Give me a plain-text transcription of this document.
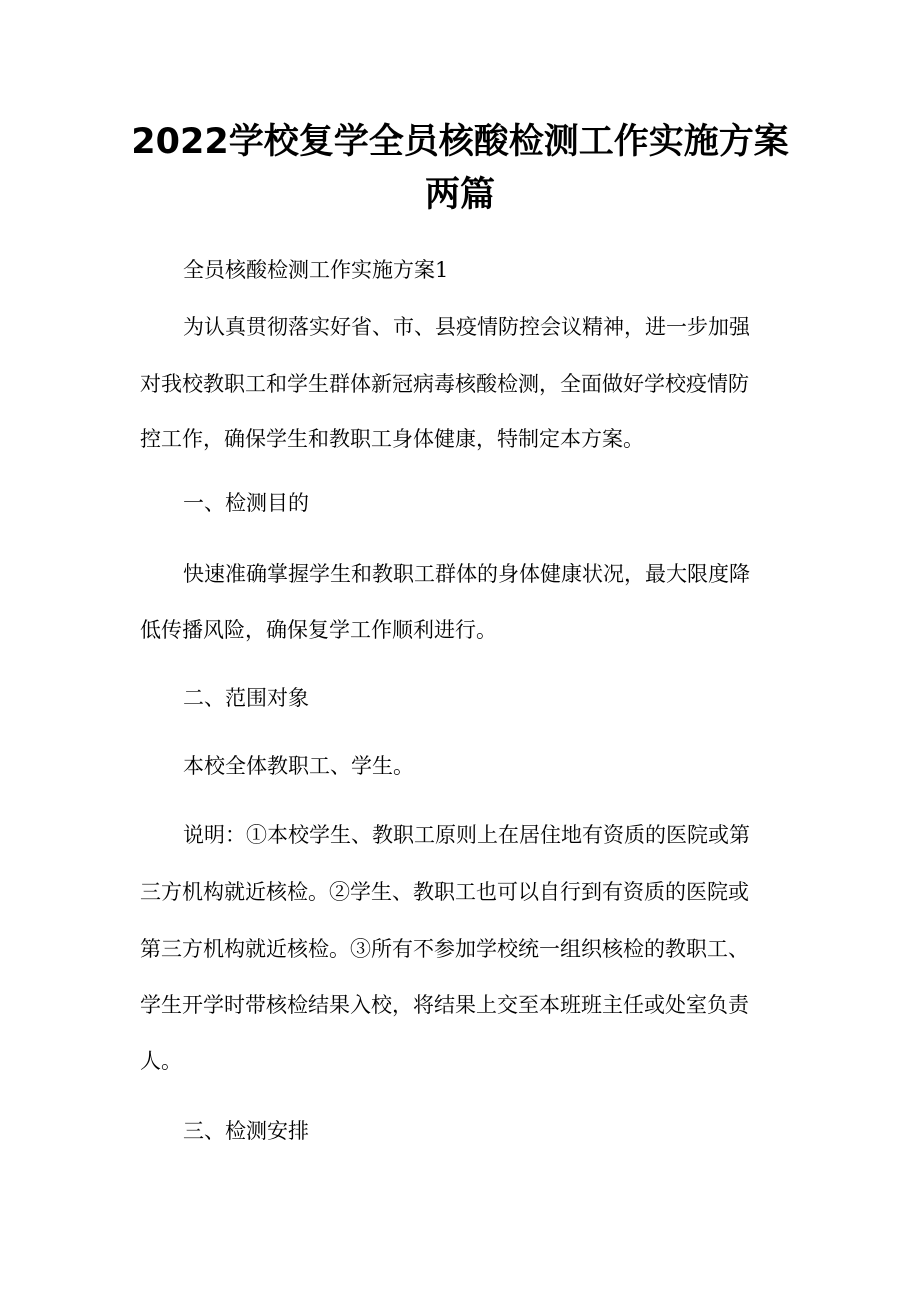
2022学校复学全员核酸检测工作实施方案
两篇

全员核酸检测工作实施方案1

为认真贯彻落实好省、市、县疫情防控会议精神，进一步加强

对我校教职工和学生群体新冠病毒核酸检测，全面做好学校疫情防

控工作，确保学生和教职工身体健康，特制定本方案。

一、检测目的

快速准确掌握学生和教职工群体的身体健康状况，最大限度降

低传播风险，确保复学工作顺利进行。

二、范围对象

本校全体教职工、学生。

说明：①本校学生、教职工原则上在居住地有资质的医院或第

三方机构就近核检。②学生、教职工也可以自行到有资质的医院或

第三方机构就近核检。③所有不参加学校统一组织核检的教职工、

学生开学时带核检结果入校，将结果上交至本班班主任或处室负责

人。

三、检测安排
